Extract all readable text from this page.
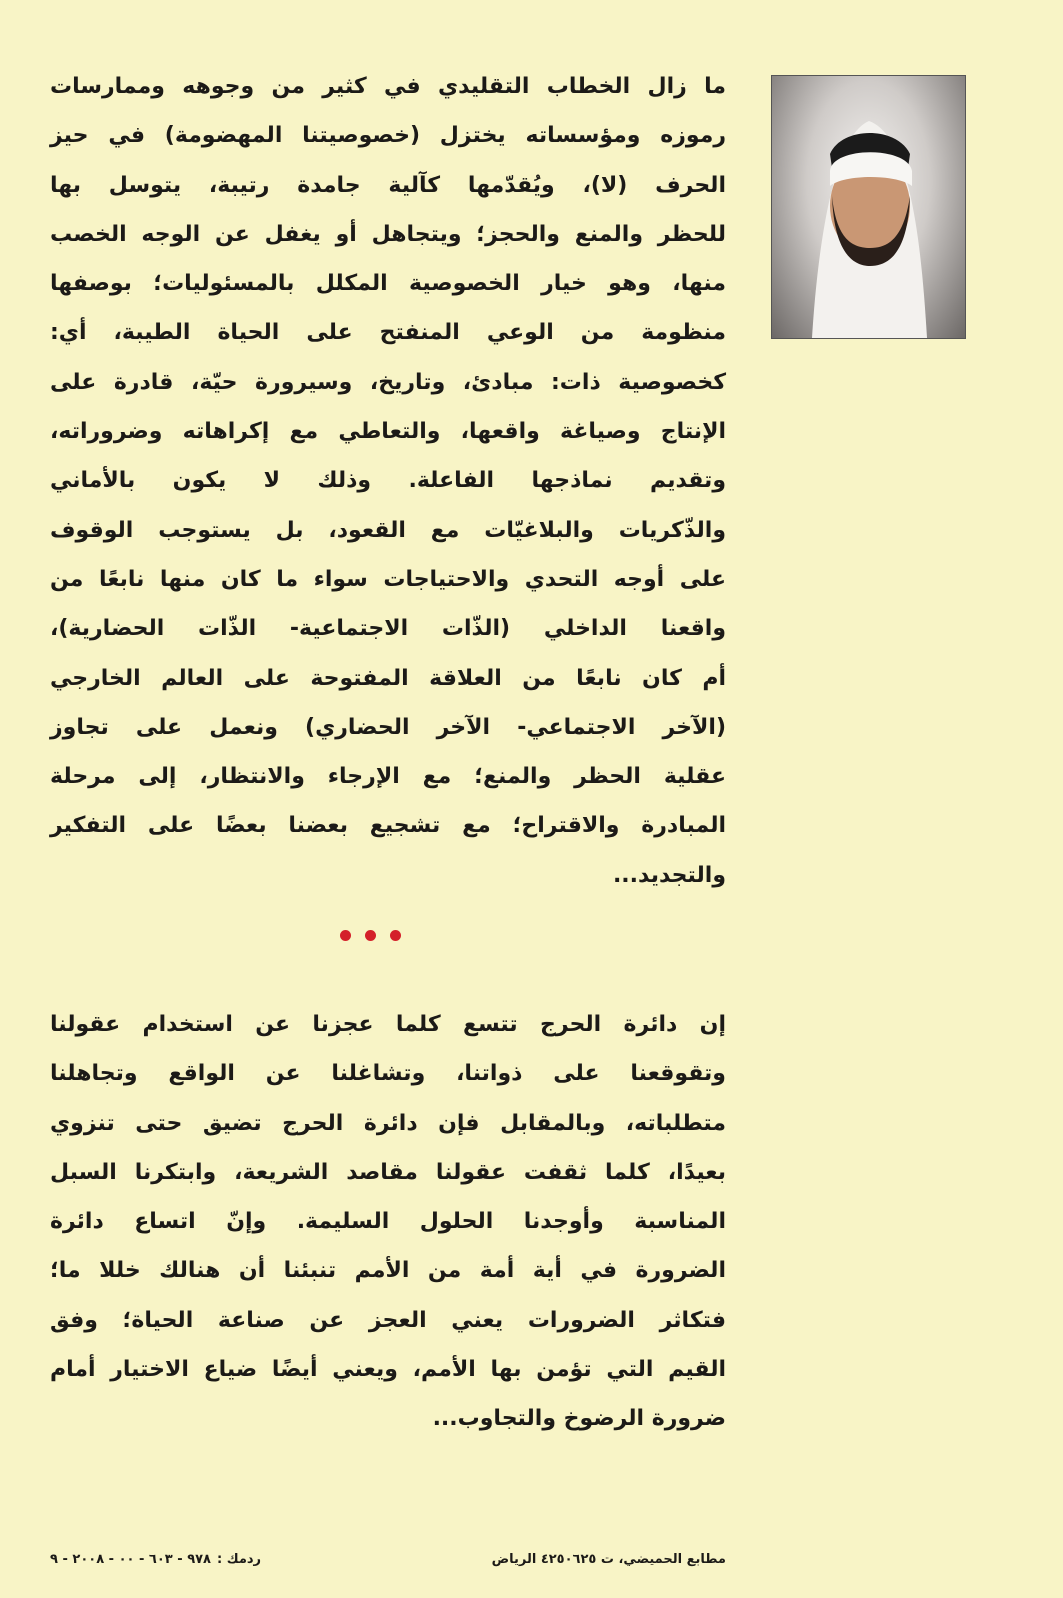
ما زال الخطاب التقليدي في كثير من وجوهه وممارسات
رموزه ومؤسساته يختزل (خصوصيتنا المهضومة) في حيز
الحرف (لا)، ويُقدّمها كآلية جامدة رتيبة، يتوسل بها
للحظر والمنع والحجز؛ ويتجاهل أو يغفل عن الوجه الخصب
منها، وهو خيار الخصوصية المكلل بالمسئوليات؛ بوصفها
منظومة من الوعي المنفتح على الحياة الطيبة، أي:
كخصوصية ذات: مبادئ، وتاريخ، وسيرورة حيّة، قادرة على
الإنتاج وصياغة واقعها، والتعاطي مع إكراهاته وضروراته،
وتقديم نماذجها الفاعلة. وذلك لا يكون بالأماني
والذّكريات والبلاغيّات مع القعود، بل يستوجب الوقوف
على أوجه التحدي والاحتياجات سواء ما كان منها نابعًا من
واقعنا الداخلي (الذّات الاجتماعية- الذّات الحضارية)،
أم كان نابعًا من العلاقة المفتوحة على العالم الخارجي
(الآخر الاجتماعي- الآخر الحضاري) ونعمل على تجاوز
عقلية الحظر والمنع؛ مع الإرجاء والانتظار، إلى مرحلة
المبادرة والاقتراح؛ مع تشجيع بعضنا بعضًا على التفكير
والتجديد...
إن دائرة الحرج تتسع كلما عجزنا عن استخدام عقولنا
وتقوقعنا على ذواتنا، وتشاغلنا عن الواقع وتجاهلنا
متطلباته، وبالمقابل فإن دائرة الحرج تضيق حتى تنزوي
بعيدًا، كلما ثقفت عقولنا مقاصد الشريعة، وابتكرنا السبل
المناسبة وأوجدنا الحلول السليمة. وإنّ اتساع دائرة
الضرورة في أية أمة من الأمم تنبئنا أن هنالك خللا ما؛
فتكاثر الضرورات يعني العجز عن صناعة الحياة؛ وفق
القيم التي تؤمن بها الأمم، ويعني أيضًا ضياع الاختيار أمام
ضرورة الرضوخ والتجاوب...
مطابع الحميضي، ت ٤٢٥٠٦٢٥ الرياض
ردمك :٩٧٨ - ٦٠٣ - ٠٠ - ٢٠٠٨ - ٩
